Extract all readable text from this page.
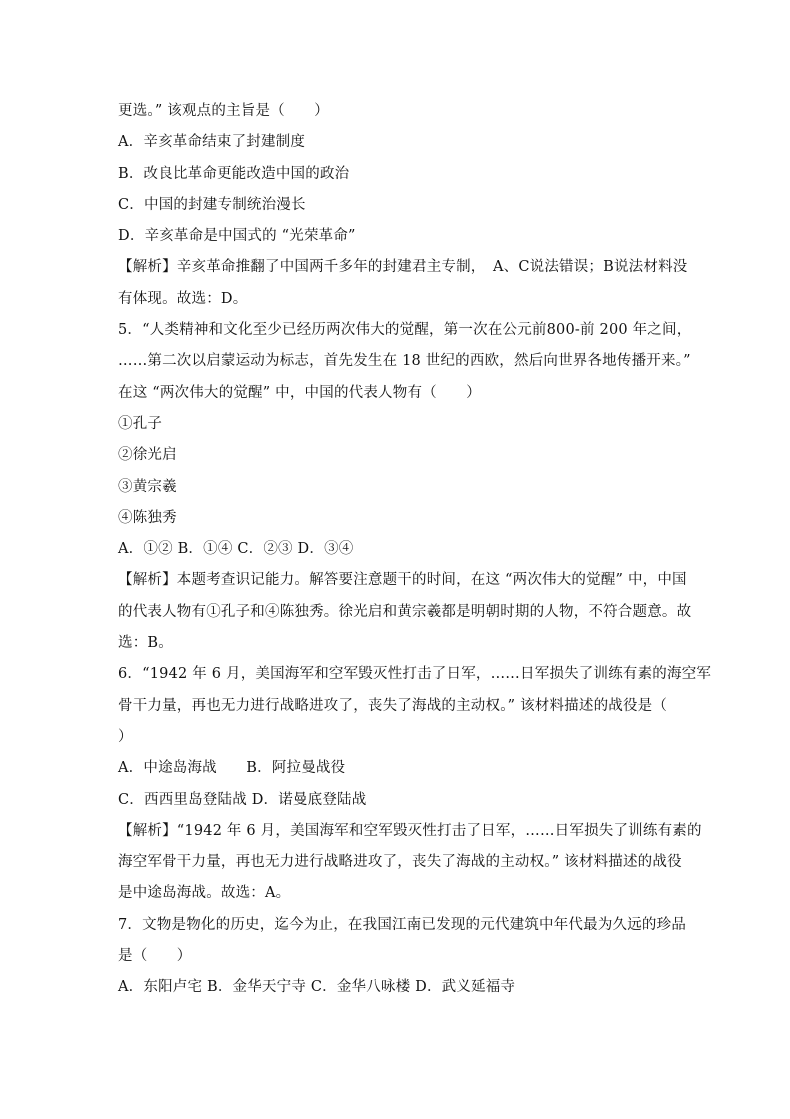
更选。” 该观点的主旨是（　　）
A．辛亥革命结束了封建制度
B．改良比革命更能改造中国的政治
C．中国的封建专制统治漫长
D．辛亥革命是中国式的 “光荣革命”
【解析】辛亥革命推翻了中国两千多年的封建君主专制，　A、C说法错误；B说法材料没
有体现。故选：D。
5．“人类精神和文化至少已经历两次伟大的觉醒，第一次在公元前800-前 200 年之间，
……第二次以启蒙运动为标志，首先发生在 18 世纪的西欧，然后向世界各地传播开来。”
在这 “两次伟大的觉醒” 中，中国的代表人物有（　　）
①孔子
②徐光启
③黄宗羲
④陈独秀
A．①② B．①④ C．②③ D．③④
【解析】本题考查识记能力。解答要注意题干的时间，在这 “两次伟大的觉醒” 中，中国
的代表人物有①孔子和④陈独秀。徐光启和黄宗羲都是明朝时期的人物，不符合题意。故
选：B。
6．“1942 年 6 月，美国海军和空军毁灭性打击了日军，……日军损失了训练有素的海空军
骨干力量，再也无力进行战略进攻了，丧失了海战的主动权。” 该材料描述的战役是（
）
A．中途岛海战　　B．阿拉曼战役
C．西西里岛登陆战 D．诺曼底登陆战
【解析】“1942 年 6 月，美国海军和空军毁灭性打击了日军，……日军损失了训练有素的
海空军骨干力量，再也无力进行战略进攻了，丧失了海战的主动权。” 该材料描述的战役
是中途岛海战。故选：A。
7．文物是物化的历史，迄今为止，在我国江南已发现的元代建筑中年代最为久远的珍品
是（　　）
A．东阳卢宅 B．金华天宁寺 C．金华八咏楼 D．武义延福寺
